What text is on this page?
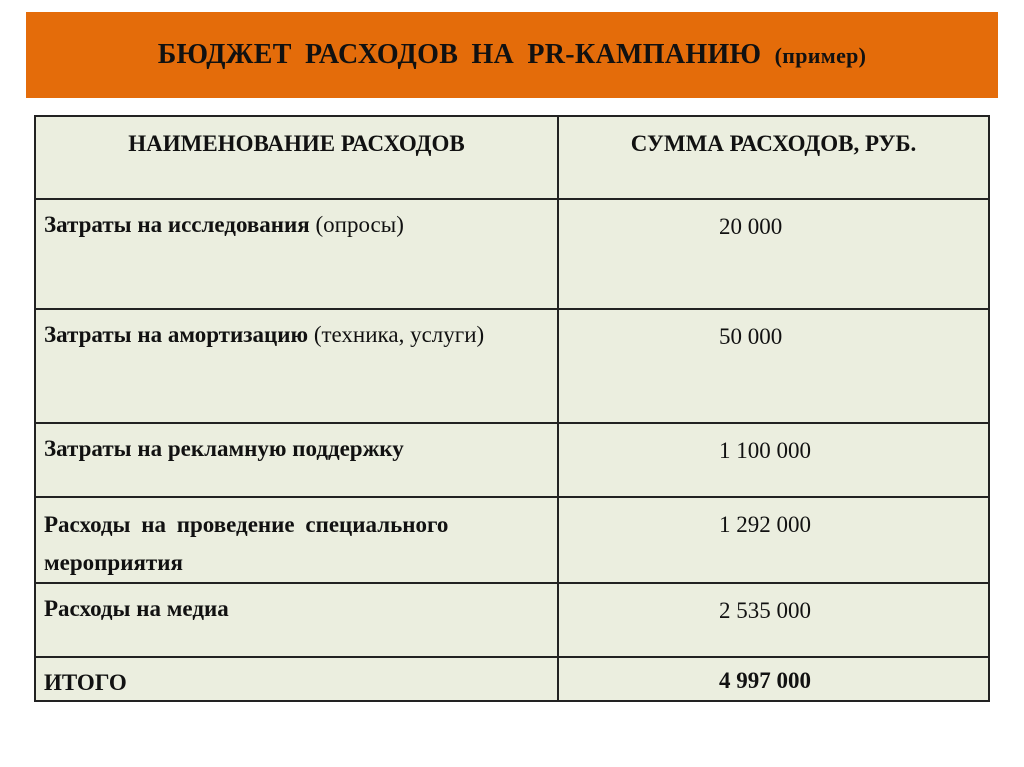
БЮДЖЕТ РАСХОДОВ НА PR-КАМПАНИЮ (пример)
НАИМЕНОВАНИЕ РАСХОДОВ	СУММА РАСХОДОВ, РУБ.
Затраты на исследования (опросы)	20 000
Затраты на амортизацию (техника, услуги)	50 000
Затраты на рекламную поддержку	1 100 000
Расходы на проведение специального мероприятия	1 292 000
Расходы на медиа	2 535 000
ИТОГО	4 997 000
